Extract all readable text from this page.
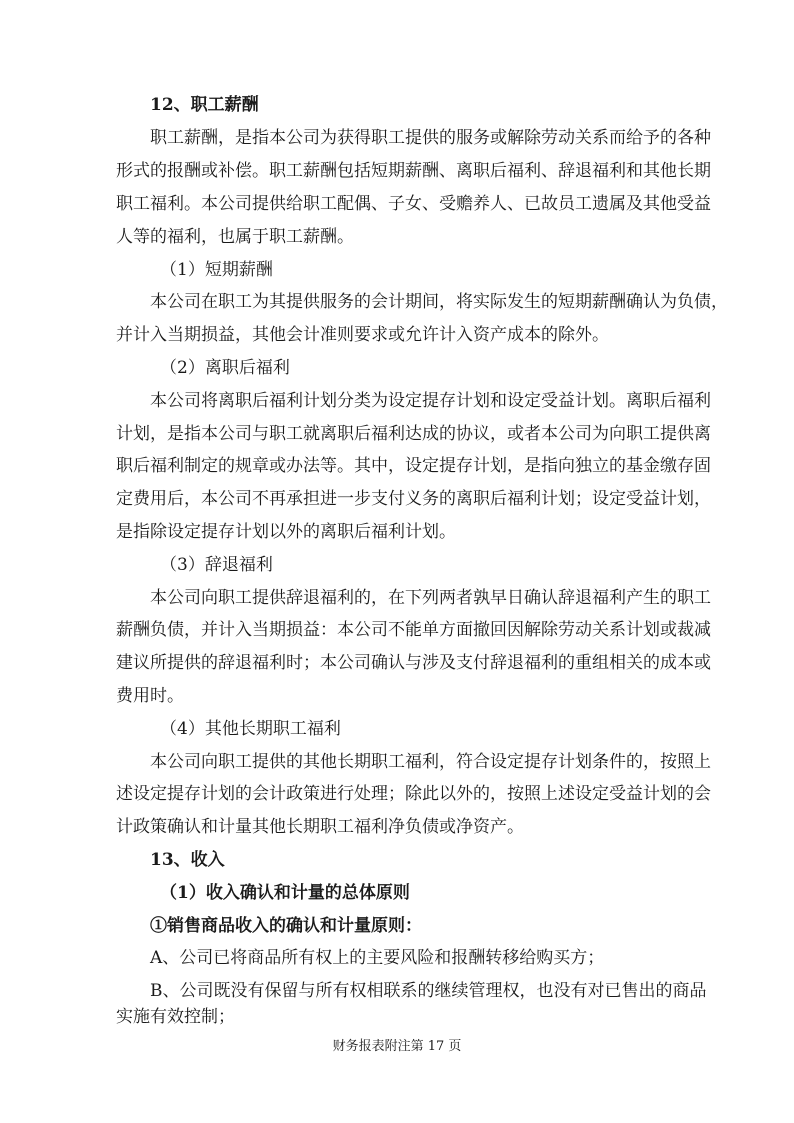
12、职工薪酬

职工薪酬，是指本公司为获得职工提供的服务或解除劳动关系而给予的各种

形式的报酬或补偿。职工薪酬包括短期薪酬、离职后福利、辞退福利和其他长期

职工福利。本公司提供给职工配偶、子女、受赡养人、已故员工遗属及其他受益

人等的福利，也属于职工薪酬。

（1）短期薪酬

本公司在职工为其提供服务的会计期间，将实际发生的短期薪酬确认为负债，

并计入当期损益，其他会计准则要求或允许计入资产成本的除外。

（2）离职后福利

本公司将离职后福利计划分类为设定提存计划和设定受益计划。离职后福利

计划，是指本公司与职工就离职后福利达成的协议，或者本公司为向职工提供离

职后福利制定的规章或办法等。其中，设定提存计划，是指向独立的基金缴存固

定费用后，本公司不再承担进一步支付义务的离职后福利计划；设定受益计划，

是指除设定提存计划以外的离职后福利计划。

（3）辞退福利

本公司向职工提供辞退福利的，在下列两者孰早日确认辞退福利产生的职工

薪酬负债，并计入当期损益：本公司不能单方面撤回因解除劳动关系计划或裁减

建议所提供的辞退福利时；本公司确认与涉及支付辞退福利的重组相关的成本或

费用时。

（4）其他长期职工福利

本公司向职工提供的其他长期职工福利，符合设定提存计划条件的，按照上

述设定提存计划的会计政策进行处理；除此以外的，按照上述设定受益计划的会

计政策确认和计量其他长期职工福利净负债或净资产。

13、收入

（1）收入确认和计量的总体原则

①销售商品收入的确认和计量原则：

A、公司已将商品所有权上的主要风险和报酬转移给购买方；

B、公司既没有保留与所有权相联系的继续管理权，也没有对已售出的商品

实施有效控制；

财务报表附注第 17 页
